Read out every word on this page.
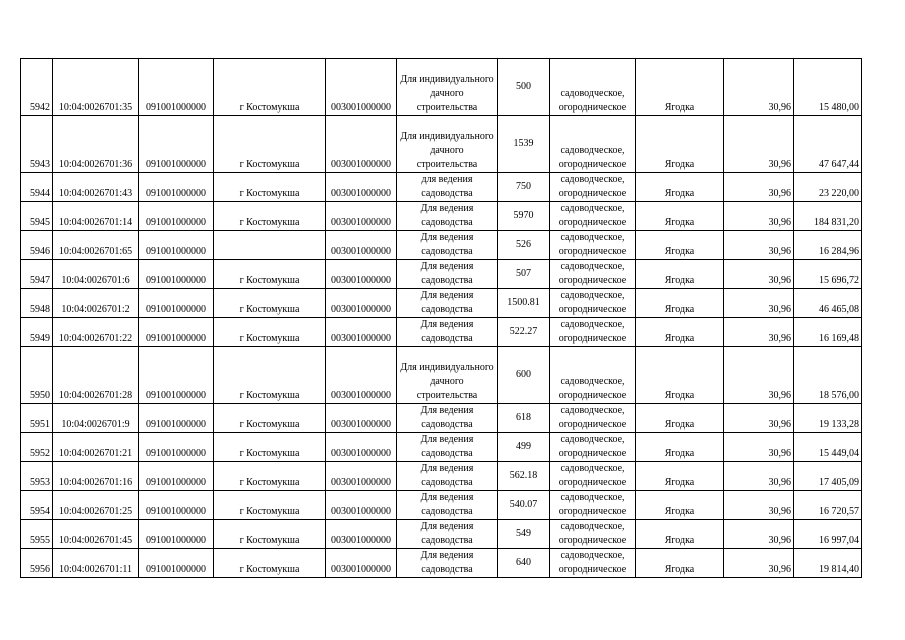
5942	10:04:0026701:35	091001000000	г Костомукша	003001000000	Для индивидуального дачного строительства	500	садоводческое, огородническое	Ягодка	30,96	15 480,00
5943	10:04:0026701:36	091001000000	г Костомукша	003001000000	Для индивидуального дачного строительства	1539	садоводческое, огородническое	Ягодка	30,96	47 647,44
5944	10:04:0026701:43	091001000000	г Костомукша	003001000000	для ведения садоводства	750	садоводческое, огородническое	Ягодка	30,96	23 220,00
5945	10:04:0026701:14	091001000000	г Костомукша	003001000000	Для ведения садоводства	5970	садоводческое, огородническое	Ягодка	30,96	184 831,20
5946	10:04:0026701:65	091001000000		003001000000	Для ведения садоводства	526	садоводческое, огородническое	Ягодка	30,96	16 284,96
5947	10:04:0026701:6	091001000000	г Костомукша	003001000000	Для ведения садоводства	507	садоводческое, огородническое	Ягодка	30,96	15 696,72
5948	10:04:0026701:2	091001000000	г Костомукша	003001000000	Для ведения садоводства	1500.81	садоводческое, огородническое	Ягодка	30,96	46 465,08
5949	10:04:0026701:22	091001000000	г Костомукша	003001000000	Для ведения садоводства	522.27	садоводческое, огородническое	Ягодка	30,96	16 169,48
5950	10:04:0026701:28	091001000000	г Костомукша	003001000000	Для индивидуального дачного строительства	600	садоводческое, огородническое	Ягодка	30,96	18 576,00
5951	10:04:0026701:9	091001000000	г Костомукша	003001000000	Для ведения садоводства	618	садоводческое, огородническое	Ягодка	30,96	19 133,28
5952	10:04:0026701:21	091001000000	г Костомукша	003001000000	Для ведения садоводства	499	садоводческое, огородническое	Ягодка	30,96	15 449,04
5953	10:04:0026701:16	091001000000	г Костомукша	003001000000	Для ведения садоводства	562.18	садоводческое, огородническое	Ягодка	30,96	17 405,09
5954	10:04:0026701:25	091001000000	г Костомукша	003001000000	Для ведения садоводства	540.07	садоводческое, огородническое	Ягодка	30,96	16 720,57
5955	10:04:0026701:45	091001000000	г Костомукша	003001000000	Для ведения садоводства	549	садоводческое, огородническое	Ягодка	30,96	16 997,04
5956	10:04:0026701:11	091001000000	г Костомукша	003001000000	Для ведения садоводства	640	садоводческое, огородническое	Ягодка	30,96	19 814,40
